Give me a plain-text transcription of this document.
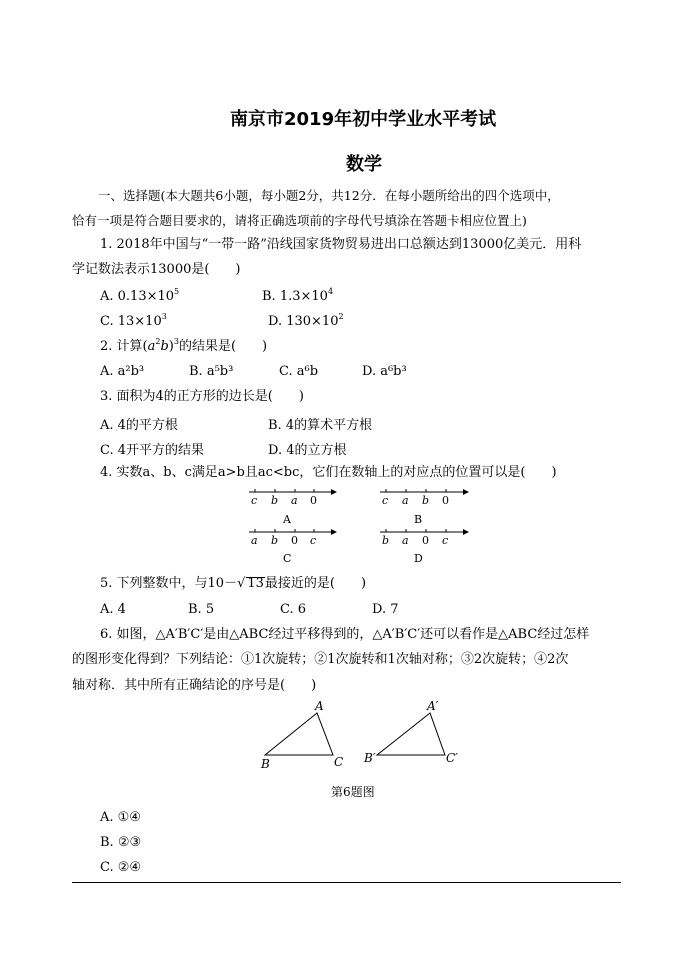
南京市2019年初中学业水平考试
数学
一、选择题(本大题共6小题，每小题2分，共12分．在每小题所给出的四个选项中，
恰有一项是符合题目要求的，请将正确选项前的字母代号填涂在答题卡相应位置上)
1. 2018年中国与“一带一路”沿线国家货物贸易进出口总额达到13000亿美元．用科
学记数法表示13000是(　　)
A. $0.13\times 10^5$	B. $1.3\times 10^4$
C. $13\times 10^3$	D. $130\times 10^2$
2. 计算$(a^2b)^3$的结果是(　　)
A. a²b³	B. a⁵b³	C. a⁶b	D. a⁶b³
3. 面积为4的正方形的边长是(　　)
A. 4的平方根	B. 4的算术平方根
C. 4开平方的结果	D. 4的立方根
4. 实数a、b、c满足a>b且ac<bc，它们在数轴上的对应点的位置可以是(　　)
c b a 0
A
c a b 0
B
a b 0 c
C
b a 0 c
D
5. 下列整数中，与10－√ 13最接近的是(　　)
A. 4	B. 5	C. 6	D. 7
6. 如图，△A′B′C′是由△ABC经过平移得到的，△A′B′C′还可以看作是△ABC经过怎样
的图形变化得到？下列结论：①1次旋转；②1次旋转和1次轴对称；③2次旋转；④2次
轴对称．其中所有正确结论的序号是(　　)
A
B	C
A′
B′	C′
第6题图
A. ①④
B. ②③
C. ②④
